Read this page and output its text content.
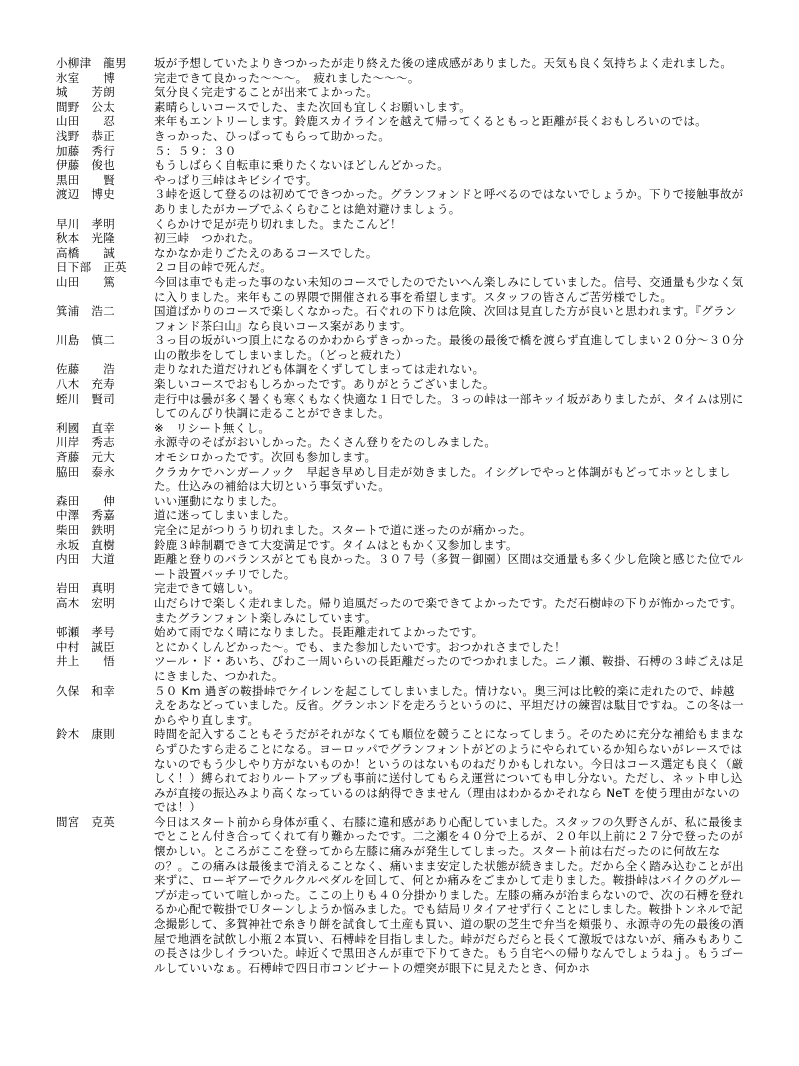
小柳津　龍男	坂が予想していたよりきつかったが走り終えた後の達成感がありました。天気も良く気持ちよく走れました。
氷室　　博	完走できて良かった～～～。　疲れました～～～。
城　　芳朗	気分良く完走することが出来てよかった。
間野　公太	素晴らしいコースでした、また次回も宜しくお願いします。
山田　　忍	来年もエントリーします。鈴鹿スカイラインを越えて帰ってくるともっと距離が長くおもしろいのでは。
浅野　恭正	きっかった、ひっぱってもらって助かった。
加藤　秀行	５：５９：３０
伊藤　俊也	もうしばらく自転車に乗りたくないほどしんどかった。
黒田　　賢	やっぱり三峠はキビシイです。
渡辺　博史	３峠を返して登るのは初めてできつかった。グランフォンドと呼べるのではないでしょうか。下りで接触事故がありましたがカーブでふくらむことは絶対避けましょう。
早川　孝明	くらかけで足が売り切れました。またこんど！
秋本　光隆	初三峠　つかれた。
高橋　　誠	なかなか走りごたえのあるコースでした。
日下部　正英	２コ目の峠で死んだ。
山田　　篤	今回は車でも走った事のない未知のコースでしたのでたいへん楽しみにしていました。信号、交通量も少なく気に入りました。来年もこの界隈で開催される事を希望します。スタッフの皆さんご苦労様でした。
箕浦　浩二	国道ばかりのコースで楽しくなかった。石ぐれの下りは危険、次回は見直した方が良いと思われます。『グランフォンド茶臼山』なら良いコース案があります。
川島　慎二	３っ目の坂がいつ頂上になるのかわからずきっかった。最後の最後で橋を渡らず直進してしまい２０分～３０分山の散歩をしてしまいました。（どっと疲れた）
佐藤　　浩	走りなれた道だけれども体調をくずしてしまっては走れない。
八木　充寿	楽しいコースでおもしろかったです。ありがとうございました。
蛭川　賢司	走行中は曇が多く暑くも寒くもなく快適な１日でした。３っの峠は一部キッイ坂がありましたが、タイムは別にしてのんびり快調に走ることができました。
利國　直幸	※　リシート無くし。
川岸　秀志	永源寺のそばがおいしかった。たくさん登りをたのしみました。
斉藤　元大	オモシロかったです。次回も参加します。
脇田　泰永	クラカケでハンガーノック　早起き早めし目走が効きました。イシグレでやっと体調がもどってホッとしました。仕込みの補給は大切という事気ずいた。
森田　　伸	いい運動になりました。
中澤　秀嘉	道に迷ってしまいました。
柴田　鉄明	完全に足がつりうり切れました。スタートで道に迷ったのが痛かった。
永坂　直樹	鈴鹿３峠制覇できて大変満足です。タイムはともかく又参加します。
内田　大道	距離と登りのバランスがとても良かった。３０７号（多賀－御園）区間は交通量も多く少し危険と感じた位でルート設置バッチリでした。
岩田　真明	完走できて嬉しい。
高木　宏明	山だらけで楽しく走れました。帰り追風だったので楽できてよかったです。ただ石樹峠の下りが怖かったです。またグランフォント楽しみにしています。
邨瀬　孝号	始めて雨でなく晴になりました。長距離走れてよかったです。
中村　誠臣	とにかくしんどかった～。でも、また参加したいです。おつかれさまでした！
井上　　悟	ツール・ド・あいち、びわこ一周いらいの長距離だったのでつかれました。ニノ瀬、鞍掛、石榑の３峠ごえは足にきました、つかれた。
久保　和幸	５０ Km 過ぎの鞍掛峠でケイレンを起こしてしまいました。情けない。奥三河は比較的楽に走れたので、峠越えをあなどっていました。反省。グランホンドを走ろうというのに、平坦だけの練習は駄目ですね。この冬は一からやり直します。
鈴木　康則	時間を記入することもそうだがそれがなくても順位を競うことになってしまう。そのために充分な補給もままならずひたすら走ることになる。ヨーロッパでグランフォントがどのようにやられているか知らないがレースではないのでもう少しやり方がないものか！というのはないものねだりかもしれない。今日はコース選定も良く（厳しく！）縛られておりルートアップも事前に送付してもらえ運営についても申し分ない。ただし、ネット申し込みが直接の振込みより高くなっているのは納得できません（理由はわかるかそれなら NeT を使う理由がないのでは！）
間宮　克英	今日はスタート前から身体が重く、右膝に違和感があり心配していました。スタッフの久野さんが、私に最後までとことん付き合ってくれて有り難かったです。二之瀬を４０分で上るが、２０年以上前に２７分で登ったのが懐かしい。ところがここを登ってから左膝に痛みが発生してしまった。スタート前は右だったのに何故左なの？。この痛みは最後まで消えることなく、痛いまま安定した状態が続きました。だから全く踏み込むことが出来ずに、ローギアーでクルクルペダルを回して、何とか痛みをごまかして走りました。鞍掛峠はバイクのグループが走っていて喧しかった。ここの上りも４０分掛かりました。左膝の痛みが治まらないので、次の石榑を登れるか心配で鞍掛でＵターンしようか悩みました。でも結局リタイアせず行くことにしました。鞍掛トンネルで記念撮影して、多賀神社で糸きり餅を試食して土産も買い、道の駅の芝生で弁当を頬張り、永源寺の先の最後の酒屋で地酒を試飲し小瓶２本買い、石榑峠を目指しました。峠がだらだらと長くて激坂ではないが、痛みもありこの長さは少しイラついた。峠近くで黒田さんが車で下りてきた。もう自宅への帰りなんでしょうねｊ。もうゴールしていいなぁ。石榑峠で四日市コンビナートの煙突が眼下に見えたとき、何かホ
